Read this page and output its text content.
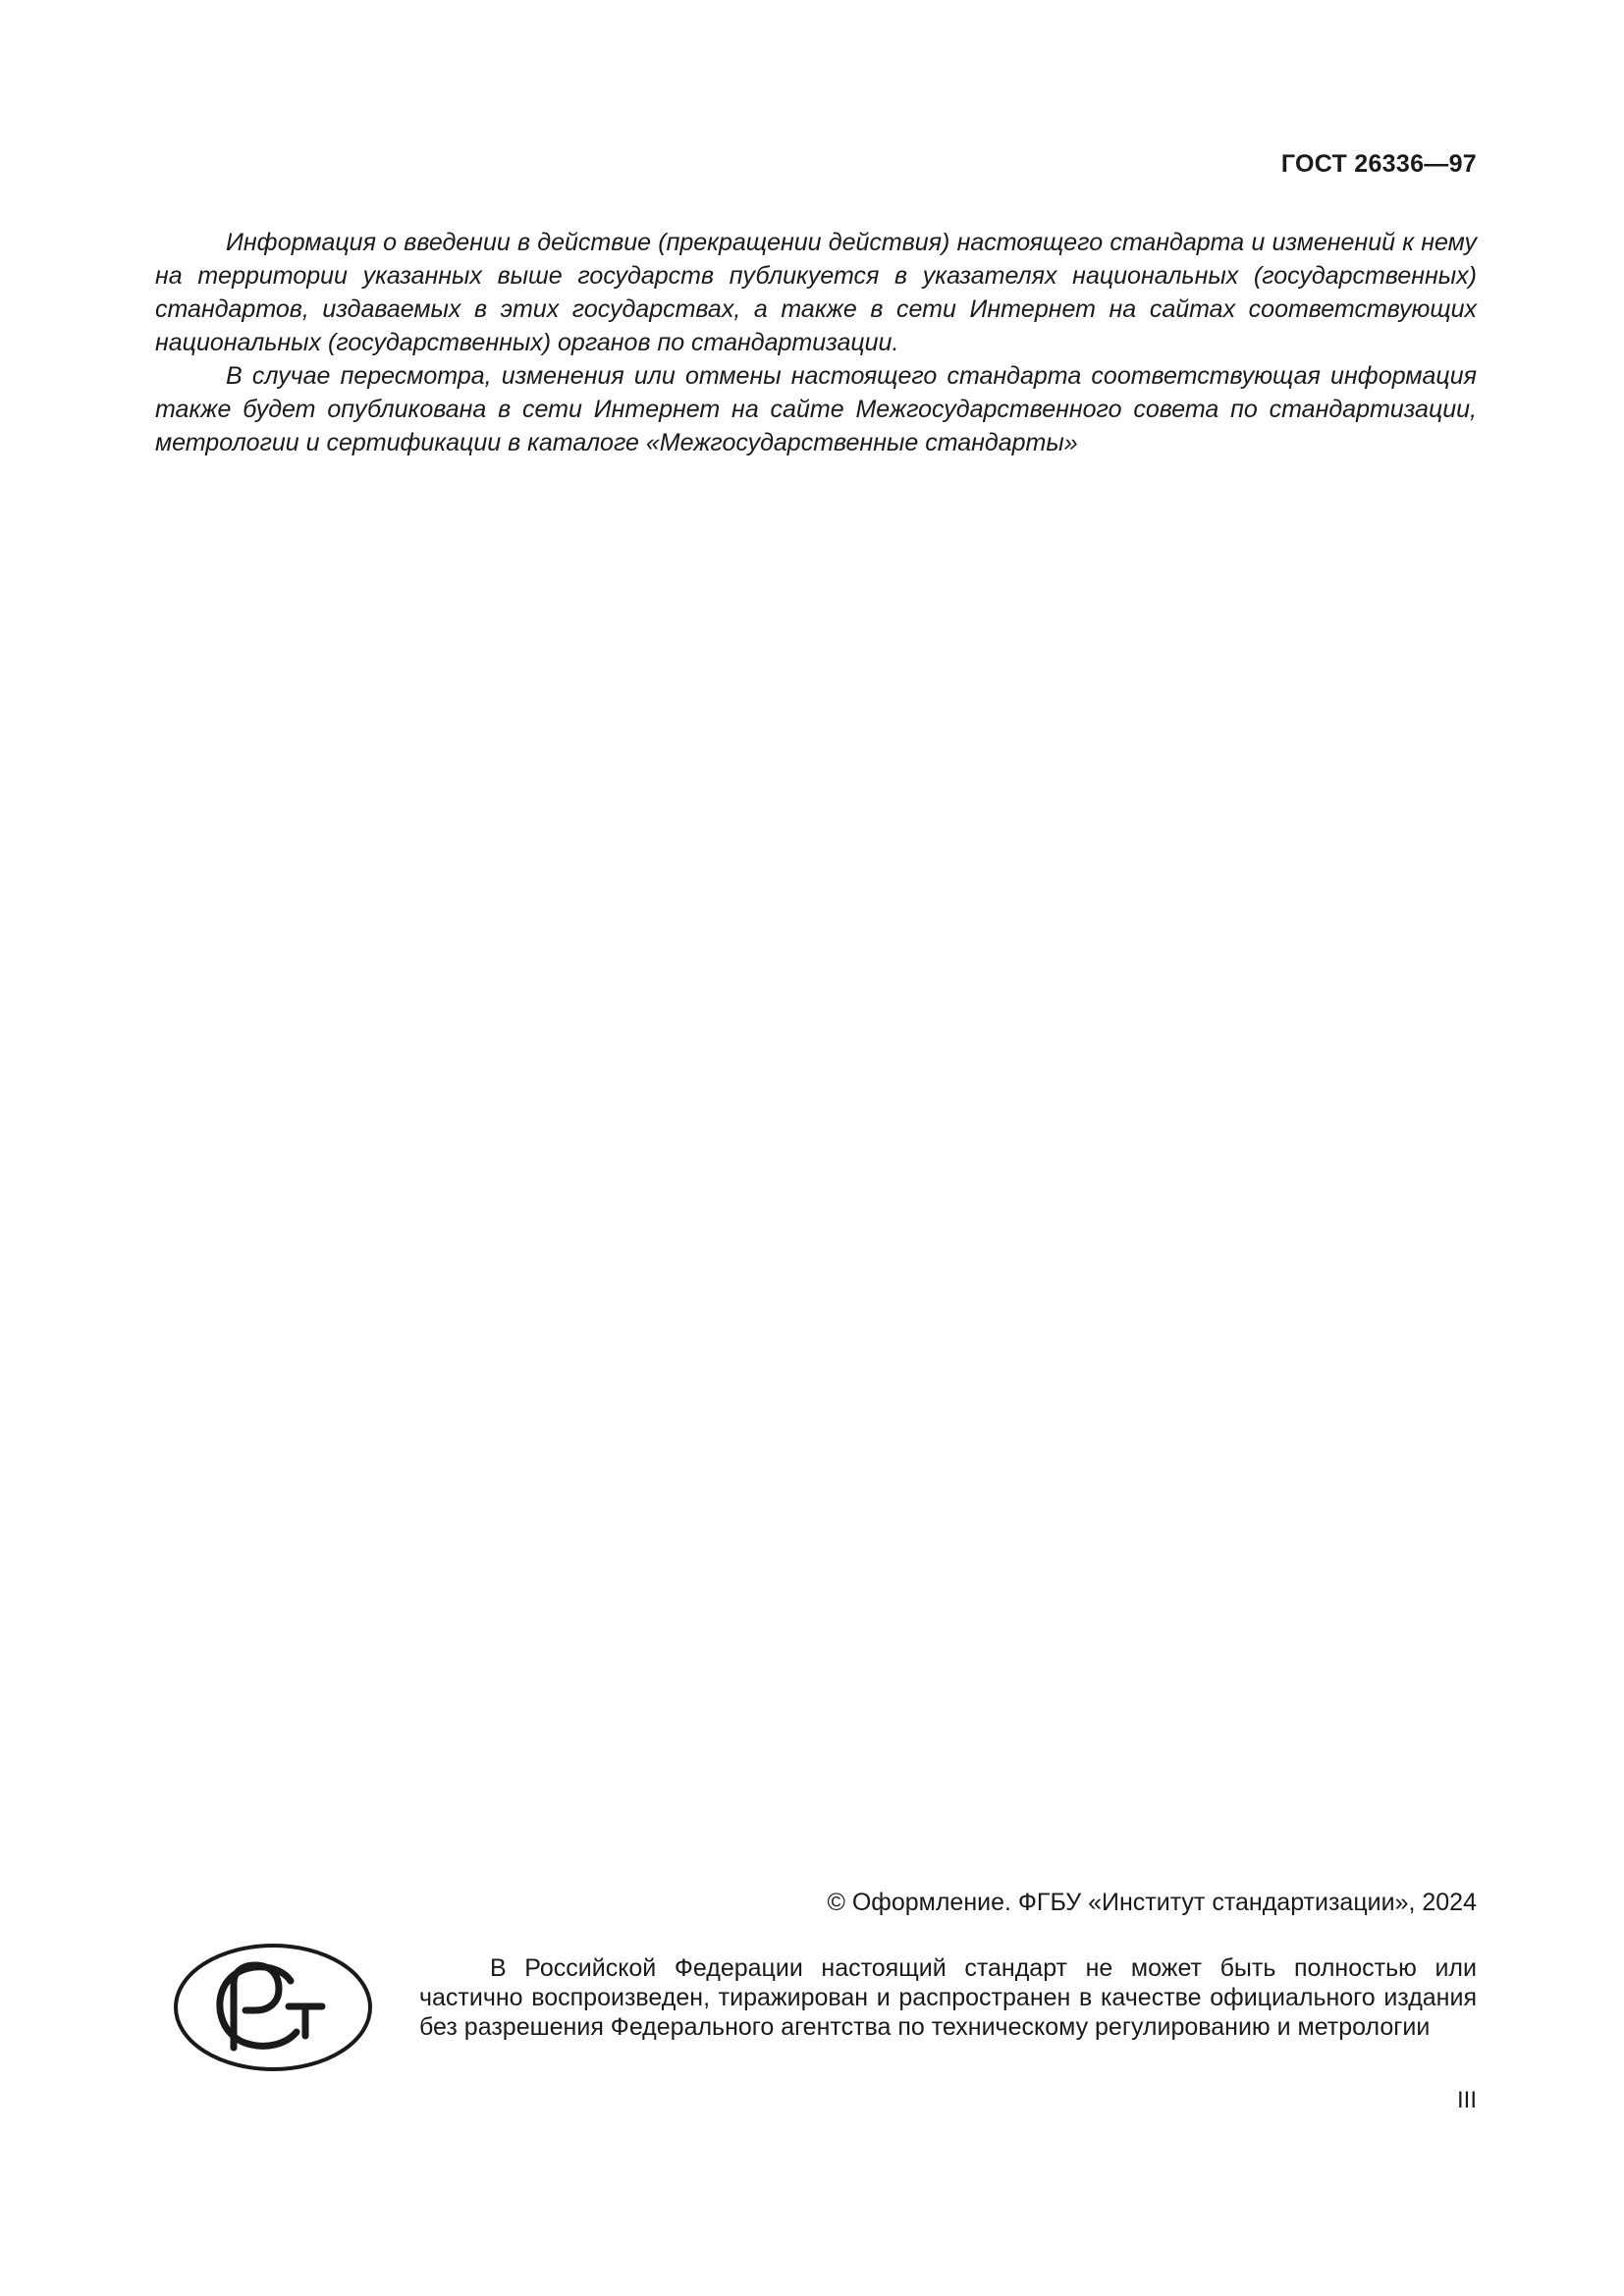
ГОСТ 26336—97

Информация о введении в действие (прекращении действия) настоящего стандарта и изменений к нему на территории указанных выше государств публикуется в указателях национальных (государственных) стандартов, издаваемых в этих государствах, а также в сети Интернет на сайтах соответствующих национальных (государственных) органов по стандартизации.

В случае пересмотра, изменения или отмены настоящего стандарта соответствующая информация также будет опубликована в сети Интернет на сайте Межгосударственного совета по стандартизации, метрологии и сертификации в каталоге «Межгосударственные стандарты»

© Оформление. ФГБУ «Институт стандартизации», 2024

В Российской Федерации настоящий стандарт не может быть полностью или частично воспроизведен, тиражирован и распространен в качестве официального издания без разрешения Федерального агентства по техническому регулированию и метрологии

III
